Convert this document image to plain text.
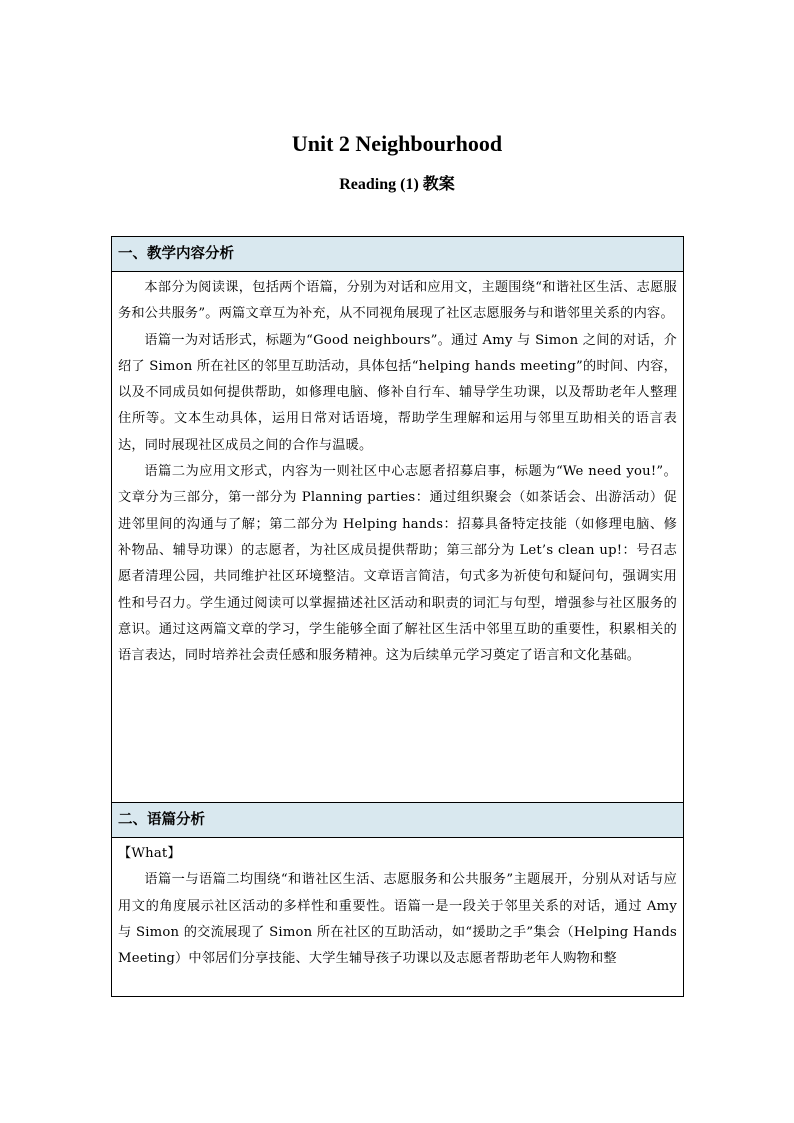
Unit 2 Neighbourhood
Reading (1) 教案
一、教学内容分析

本部分为阅读课，包括两个语篇，分别为对话和应用文，主题围绕“和谐社区生活、志愿服务和公共服务”。两篇文章互为补充，从不同视角展现了社区志愿服务与和谐邻里关系的内容。

语篇一为对话形式，标题为“Good neighbours”。通过 Amy 与 Simon 之间的对话，介绍了 Simon 所在社区的邻里互助活动，具体包括“helping hands meeting”的时间、内容，以及不同成员如何提供帮助，如修理电脑、修补自行车、辅导学生功课，以及帮助老年人整理住所等。文本生动具体，运用日常对话语境，帮助学生理解和运用与邻里互助相关的语言表达，同时展现社区成员之间的合作与温暖。

语篇二为应用文形式，内容为一则社区中心志愿者招募启事，标题为“We need you!”。文章分为三部分，第一部分为 Planning parties：通过组织聚会（如茶话会、出游活动）促进邻里间的沟通与了解；第二部分为 Helping hands：招募具备特定技能（如修理电脑、修补物品、辅导功课）的志愿者，为社区成员提供帮助；第三部分为 Let’s clean up!：号召志愿者清理公园，共同维护社区环境整洁。文章语言简洁，句式多为祈使句和疑问句，强调实用性和号召力。学生通过阅读可以掌握描述社区活动和职责的词汇与句型，增强参与社区服务的意识。通过这两篇文章的学习，学生能够全面了解社区生活中邻里互助的重要性，积累相关的语言表达，同时培养社会责任感和服务精神。这为后续单元学习奠定了语言和文化基础。

二、语篇分析

【What】

语篇一与语篇二均围绕“和谐社区生活、志愿服务和公共服务”主题展开，分别从对话与应用文的角度展示社区活动的多样性和重要性。语篇一是一段关于邻里关系的对话，通过 Amy 与 Simon 的交流展现了 Simon 所在社区的互助活动，如“援助之手”集会（Helping Hands Meeting）中邻居们分享技能、大学生辅导孩子功课以及志愿者帮助老年人购物和整
